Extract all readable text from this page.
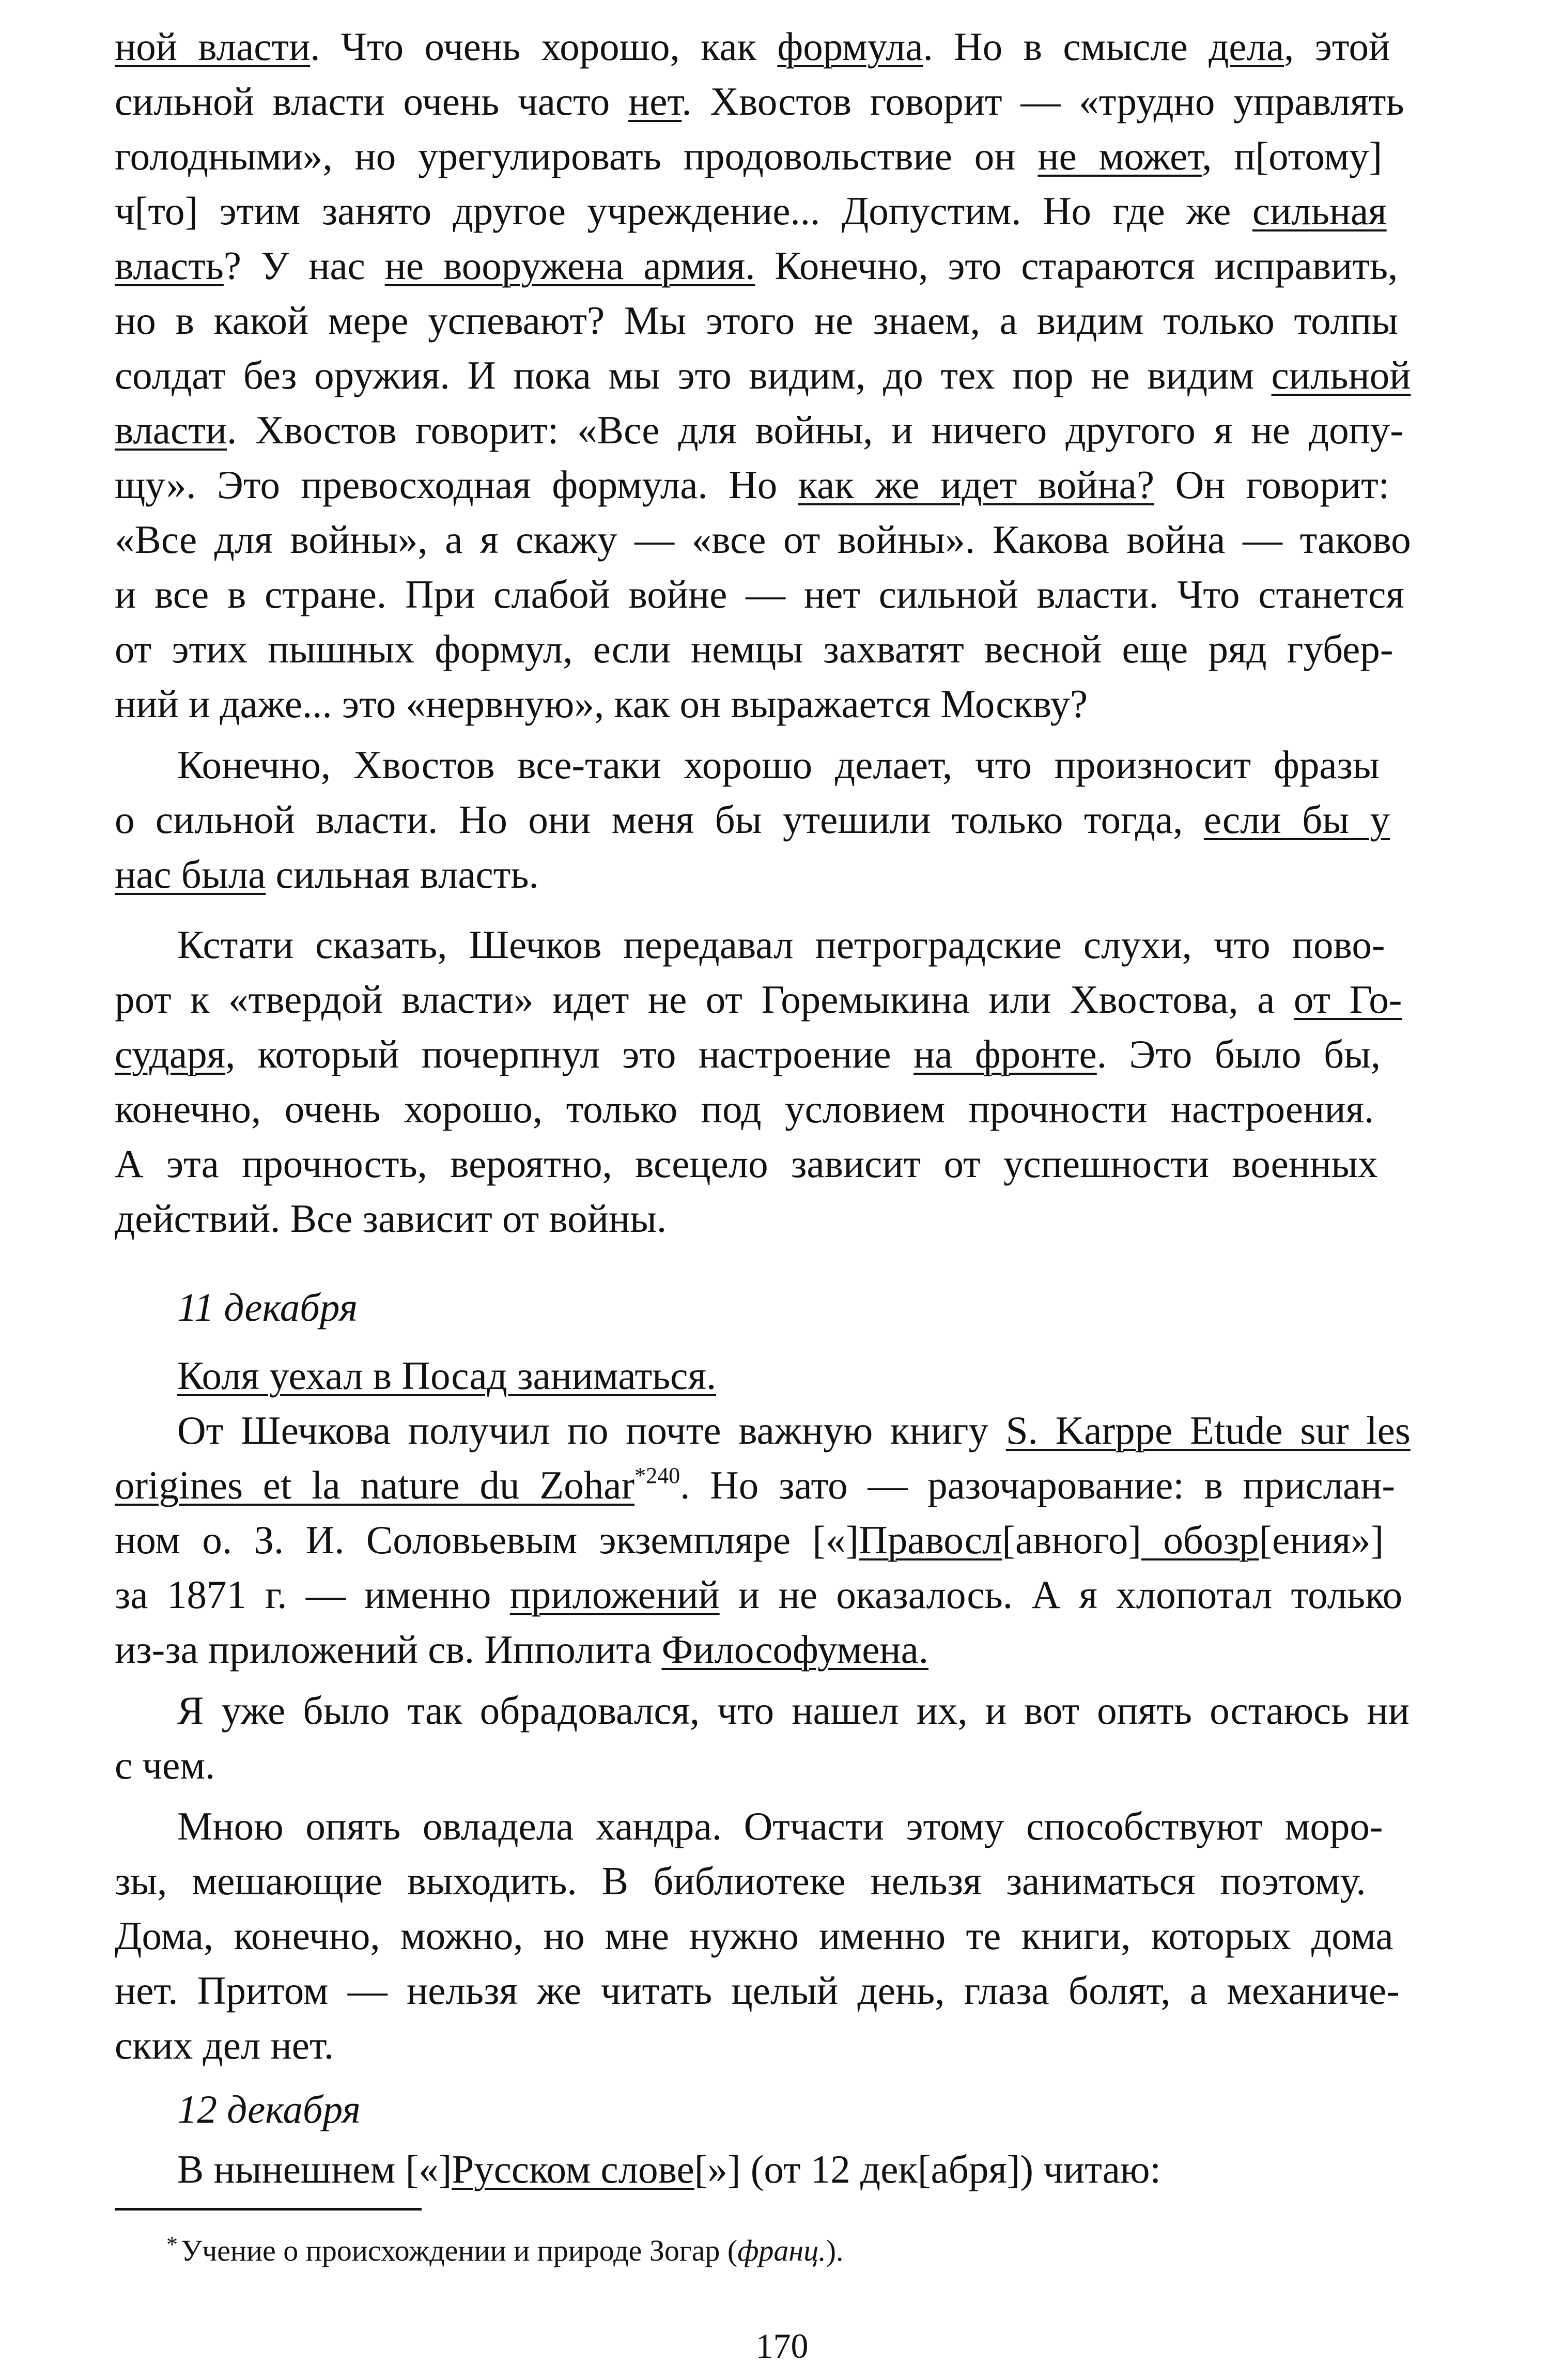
ной власти. Что очень хорошо, как формула. Но в смысле дела, этой
сильной власти очень часто нет. Хвостов говорит — «трудно управлять
голодными», но урегулировать продовольствие он не может, п[отому]
ч[то] этим занято другое учреждение... Допустим. Но где же сильная
власть? У нас не вооружена армия. Конечно, это стараются исправить,
но в какой мере успевают? Мы этого не знаем, а видим только толпы
солдат без оружия. И пока мы это видим, до тех пор не видим сильной
власти. Хвостов говорит: «Все для войны, и ничего другого я не допу-
щу». Это превосходная формула. Но как же идет война? Он говорит:
«Все для войны», а я скажу — «все от войны». Какова война — таково
и все в стране. При слабой войне — нет сильной власти. Что станется
от этих пышных формул, если немцы захватят весной еще ряд губер-
ний и даже... это «нервную», как он выражается Москву?
Конечно, Хвостов все-таки хорошо делает, что произносит фразы
о сильной власти. Но они меня бы утешили только тогда, если бы у
нас была сильная власть.
Кстати сказать, Шечков передавал петроградские слухи, что пово-
рот к «твердой власти» идет не от Горемыкина или Хвостова, а от Го-
сударя, который почерпнул это настроение на фронте. Это было бы,
конечно, очень хорошо, только под условием прочности настроения.
А эта прочность, вероятно, всецело зависит от успешности военных
действий. Все зависит от войны.
11 декабря
Коля уехал в Посад заниматься.
От Шечкова получил по почте важную книгу S. Karppe Etude sur les
origines et la nature du Zohar$^{*240}$. Но зато — разочарование: в прислан-
ном о. З. И. Соловьевым экземпляре [«]Правосл[авного] обозр[ения»]
за 1871 г. — именно приложений и не оказалось. А я хлопотал только
из-за приложений св. Ипполита Философумена.
Я уже было так обрадовался, что нашел их, и вот опять остаюсь ни
с чем.
Мною опять овладела хандра. Отчасти этому способствуют моро-
зы, мешающие выходить. В библиотеке нельзя заниматься поэтому.
Дома, конечно, можно, но мне нужно именно те книги, которых дома
нет. Притом — нельзя же читать целый день, глаза болят, а механиче-
ских дел нет.
12 декабря
В нынешнем [«]Русском слове[»] (от 12 дек[абря]) читаю:
* Учение о происхождении и природе Зогар (франц.).
170
